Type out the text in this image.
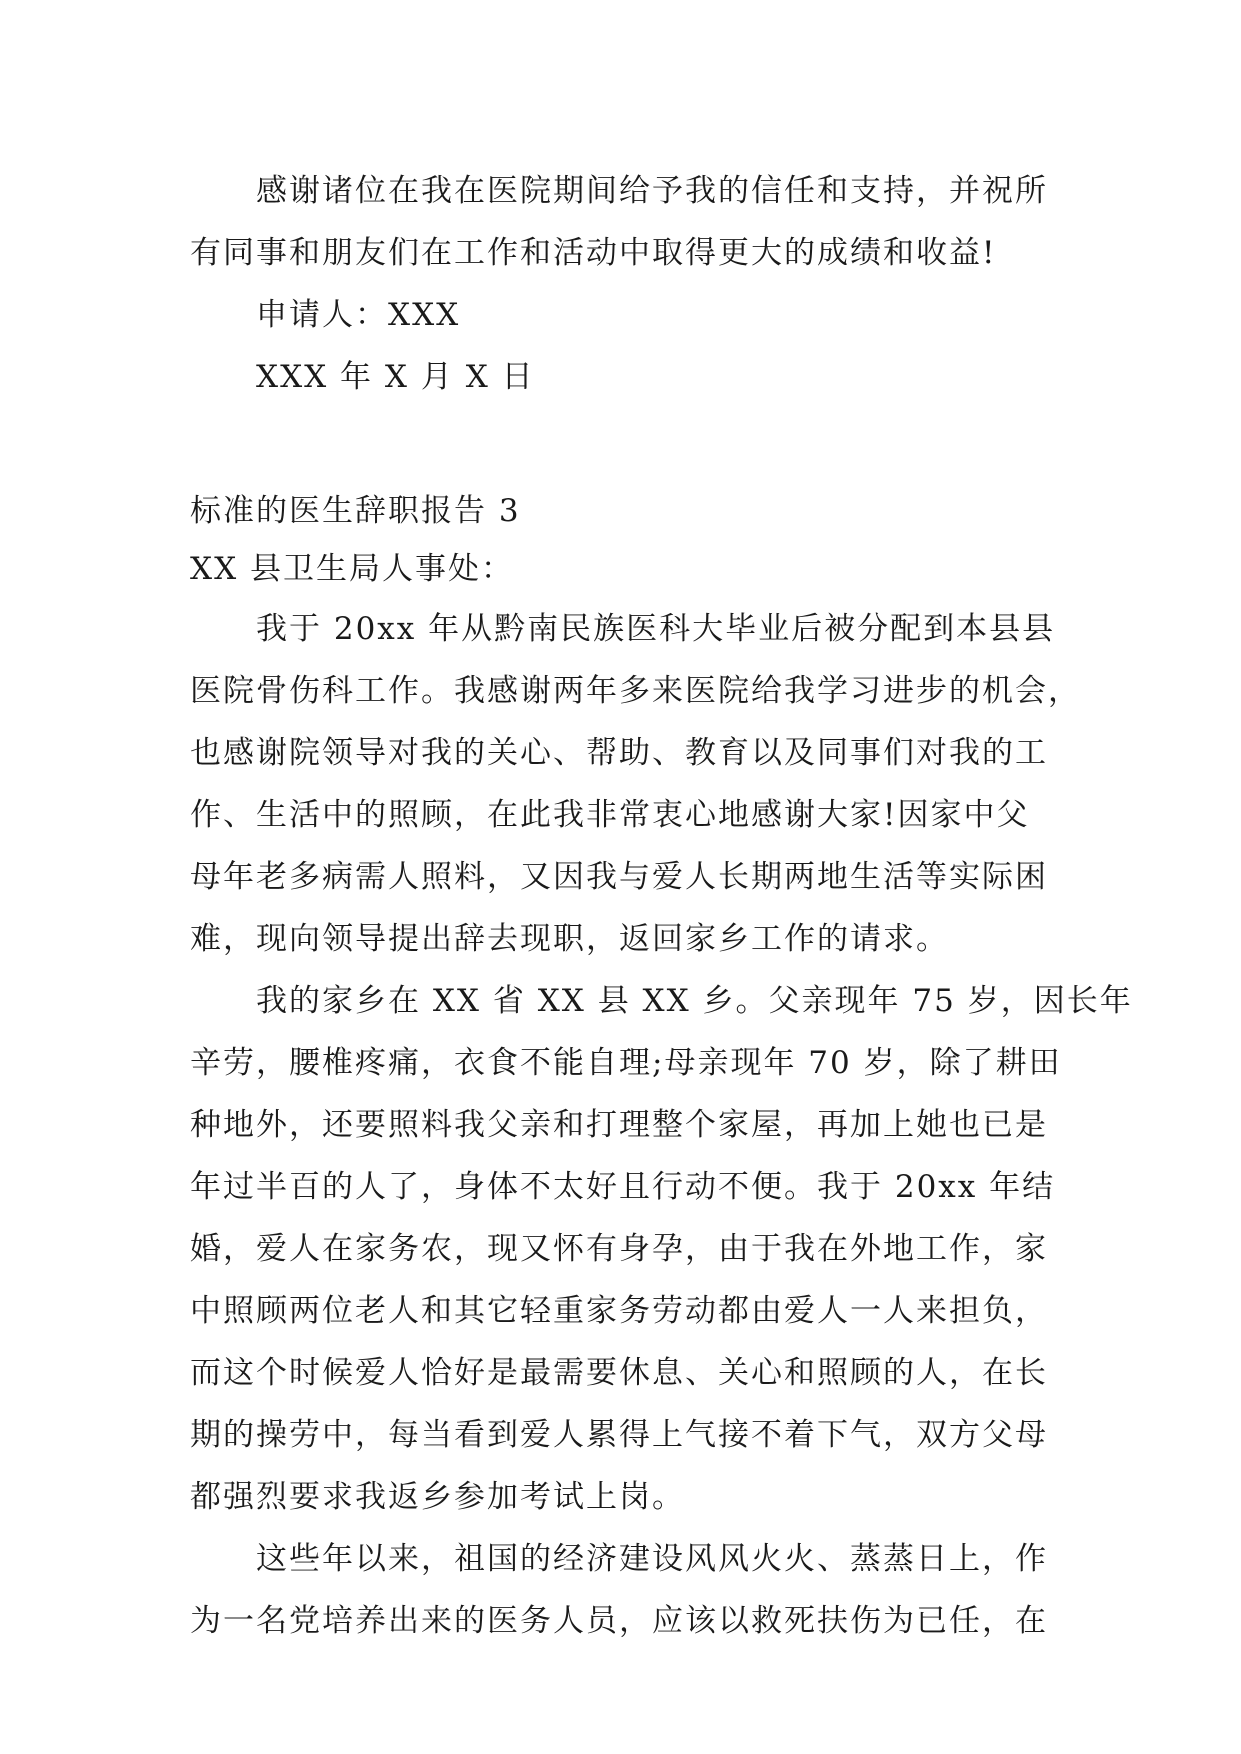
感谢诸位在我在医院期间给予我的信任和支持，并祝所
有同事和朋友们在工作和活动中取得更大的成绩和收益!
申请人：XXX
XXX 年 X 月 X 日
标准的医生辞职报告 3
XX 县卫生局人事处：
我于 20xx 年从黔南民族医科大毕业后被分配到本县县
医院骨伤科工作。我感谢两年多来医院给我学习进步的机会，
也感谢院领导对我的关心、帮助、教育以及同事们对我的工
作、生活中的照顾，在此我非常衷心地感谢大家!因家中父
母年老多病需人照料，又因我与爱人长期两地生活等实际困
难，现向领导提出辞去现职，返回家乡工作的请求。
我的家乡在 XX 省 XX 县 XX 乡。父亲现年 75 岁，因长年
辛劳，腰椎疼痛，衣食不能自理;母亲现年 70 岁，除了耕田
种地外，还要照料我父亲和打理整个家屋，再加上她也已是
年过半百的人了，身体不太好且行动不便。我于 20xx 年结
婚，爱人在家务农，现又怀有身孕，由于我在外地工作，家
中照顾两位老人和其它轻重家务劳动都由爱人一人来担负，
而这个时候爱人恰好是最需要休息、关心和照顾的人，在长
期的操劳中，每当看到爱人累得上气接不着下气，双方父母
都强烈要求我返乡参加考试上岗。
这些年以来，祖国的经济建设风风火火、蒸蒸日上，作
为一名党培养出来的医务人员，应该以救死扶伤为已任，在
